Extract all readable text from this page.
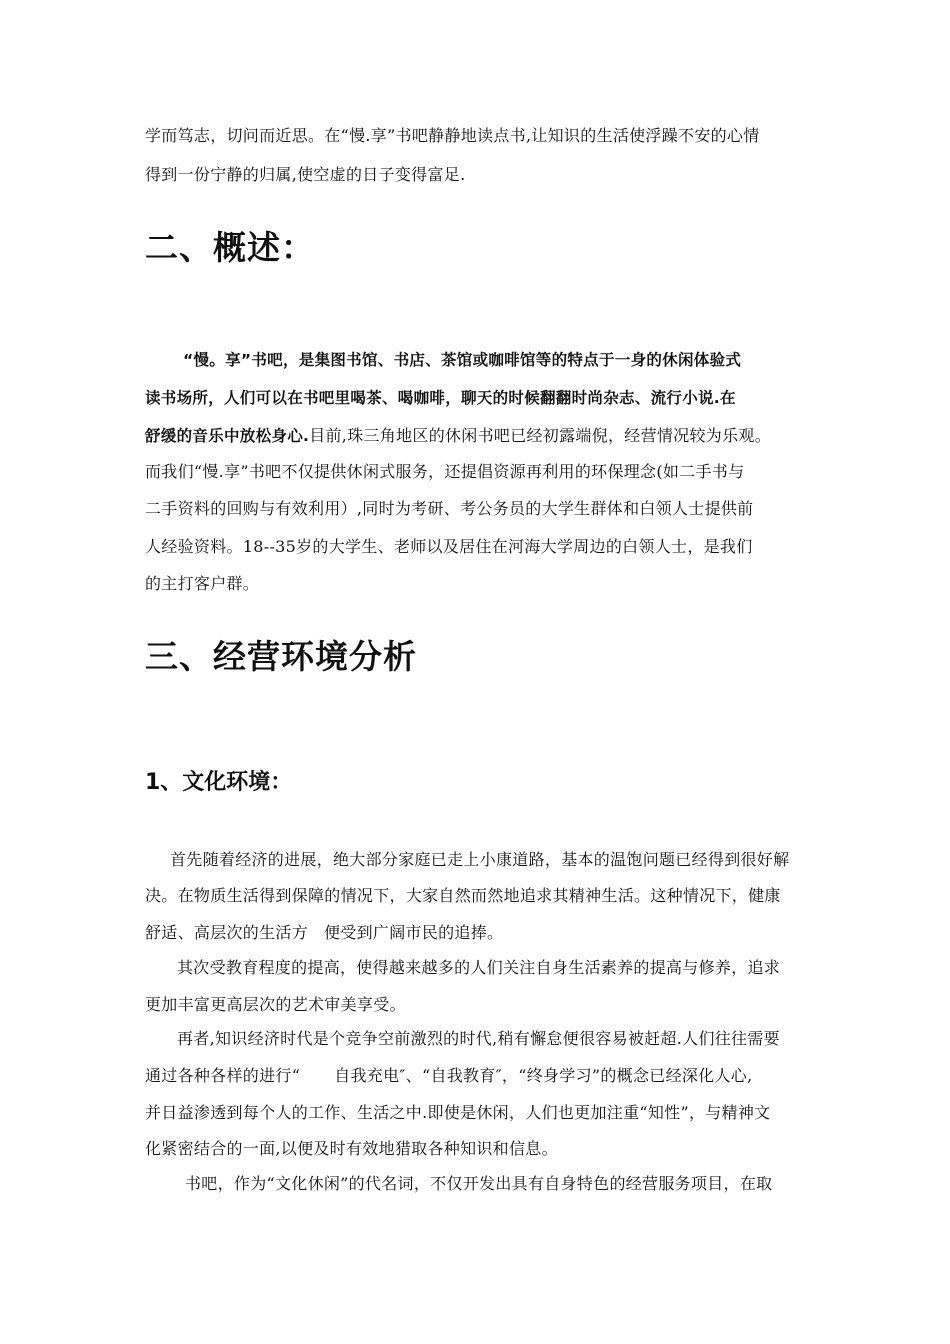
学而笃志，切问而近思。在“慢.享”书吧静静地读点书,让知识的生活使浮躁不安的心情
得到一份宁静的归属,使空虚的日子变得富足.
二、概述：
“慢。享”书吧，是集图书馆、书店、茶馆或咖啡馆等的特点于一身的休闲体验式
读书场所，人们可以在书吧里喝茶、喝咖啡，聊天的时候翻翻时尚杂志、流行小说.在
舒缓的音乐中放松身心.目前,珠三角地区的休闲书吧已经初露端倪，经营情况较为乐观。
而我们“慢.享”书吧不仅提供休闲式服务，还提倡资源再利用的环保理念(如二手书与
二手资料的回购与有效利用）,同时为考研、考公务员的大学生群体和白领人士提供前
人经验资料。18--35岁的大学生、老师以及居住在河海大学周边的白领人士，是我们
的主打客户群。
三、经营环境分析
1、文化环境：
首先随着经济的进展，绝大部分家庭已走上小康道路，基本的温饱问题已经得到很好解
决。在物质生活得到保障的情况下，大家自然而然地追求其精神生活。这种情况下，健康
舒适、高层次的生活方 便受到广阔市民的追捧。
其次受教育程度的提高，使得越来越多的人们关注自身生活素养的提高与修养，追求
更加丰富更高层次的艺术审美享受。
再者,知识经济时代是个竞争空前激烈的时代,稍有懈怠便很容易被赶超.人们往往需要
通过各种各样的进行“ 自我充电″、“自我教育″，“终身学习”的概念已经深化人心,
并日益渗透到每个人的工作、生活之中.即使是休闲，人们也更加注重“知性”，与精神文
化紧密结合的一面,以便及时有效地猎取各种知识和信息。
书吧，作为“文化休闲”的代名词，不仅开发出具有自身特色的经营服务项目，在取
